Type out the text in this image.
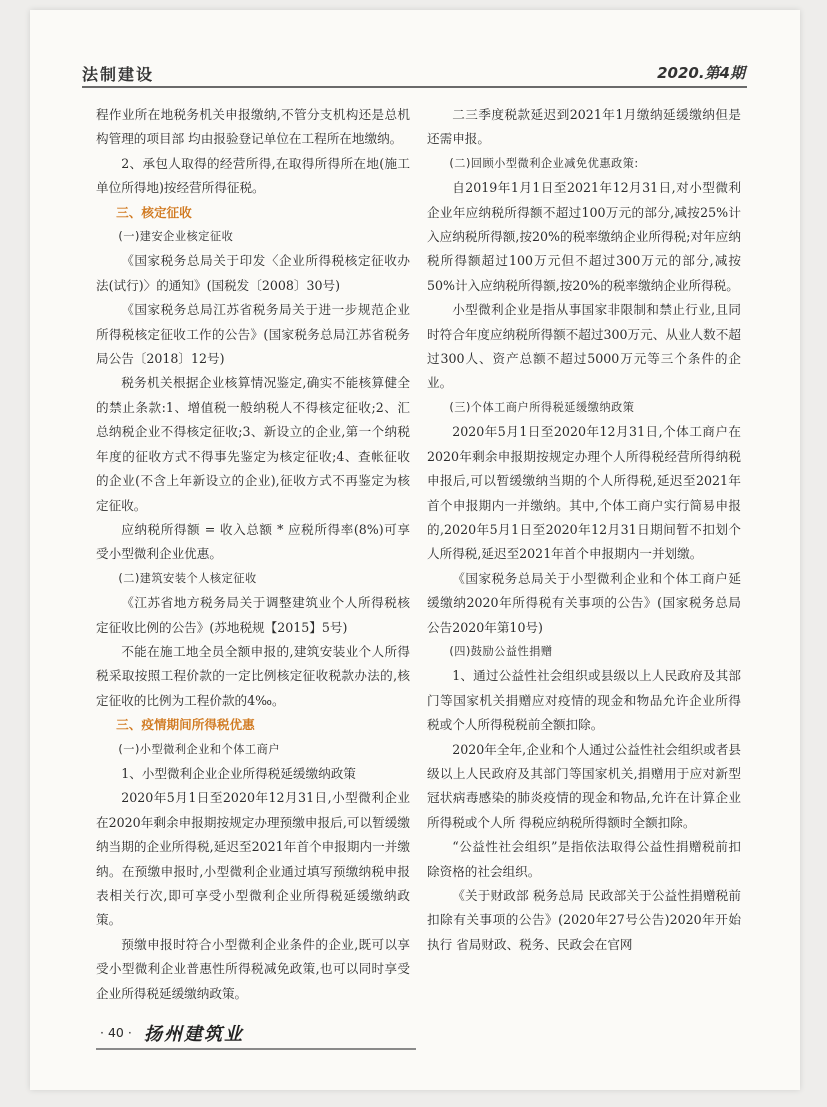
法制建设	2020.第4期

程作业所在地税务机关申报缴纳,不管分支机构还是总机构管理的项目部 均由报验登记单位在工程所在地缴纳。

2、承包人取得的经营所得,在取得所得所在地(施工单位所得地)按经营所得征税。

三、核定征收

(一)建安企业核定征收

《国家税务总局关于印发〈企业所得税核定征收办法(试行)〉的通知》(国税发〔2008〕30号)

《国家税务总局江苏省税务局关于进一步规范企业所得税核定征收工作的公告》(国家税务总局江苏省税务局公告〔2018〕12号)

税务机关根据企业核算情况鉴定,确实不能核算健全的禁止条款:1、增值税一般纳税人不得核定征收;2、汇总纳税企业不得核定征收;3、新设立的企业,第一个纳税年度的征收方式不得事先鉴定为核定征收;4、查帐征收的企业(不含上年新设立的企业),征收方式不再鉴定为核定征收。

应纳税所得额 = 收入总额 * 应税所得率(8%)可享受小型微利企业优惠。

(二)建筑安装个人核定征收

《江苏省地方税务局关于调整建筑业个人所得税核定征收比例的公告》(苏地税规【2015】5号)

不能在施工地全员全额申报的,建筑安装业个人所得税采取按照工程价款的一定比例核定征收税款办法的,核定征收的比例为工程价款的4‰。

三、疫情期间所得税优惠

(一)小型微利企业和个体工商户

1、小型微利企业企业所得税延缓缴纳政策

2020年5月1日至2020年12月31日,小型微利企业在2020年剩余申报期按规定办理预缴申报后,可以暂缓缴纳当期的企业所得税,延迟至2021年首个申报期内一并缴纳。在预缴申报时,小型微利企业通过填写预缴纳税申报表相关行次,即可享受小型微利企业所得税延缓缴纳政策。

预缴申报时符合小型微利企业条件的企业,既可以享受小型微利企业普惠性所得税减免政策,也可以同时享受企业所得税延缓缴纳政策。

二三季度税款延迟到2021年1月缴纳延缓缴纳但是还需申报。

(二)回顾小型微利企业减免优惠政策:

自2019年1月1日至2021年12月31日,对小型微利企业年应纳税所得额不超过100万元的部分,减按25%计入应纳税所得额,按20%的税率缴纳企业所得税;对年应纳税所得额超过100万元但不超过300万元的部分,减按50%计入应纳税所得额,按20%的税率缴纳企业所得税。

小型微利企业是指从事国家非限制和禁止行业,且同时符合年度应纳税所得额不超过300万元、从业人数不超过300人、资产总额不超过5000万元等三个条件的企业。

(三)个体工商户所得税延缓缴纳政策

2020年5月1日至2020年12月31日,个体工商户在2020年剩余申报期按规定办理个人所得税经营所得纳税申报后,可以暂缓缴纳当期的个人所得税,延迟至2021年首个申报期内一并缴纳。其中,个体工商户实行简易申报的,2020年5月1日至2020年12月31日期间暂不扣划个人所得税,延迟至2021年首个申报期内一并划缴。

《国家税务总局关于小型微利企业和个体工商户延缓缴纳2020年所得税有关事项的公告》(国家税务总局公告2020年第10号)

(四)鼓励公益性捐赠

1、通过公益性社会组织或县级以上人民政府及其部门等国家机关捐赠应对疫情的现金和物品允许企业所得税或个人所得税税前全额扣除。

2020年全年,企业和个人通过公益性社会组织或者县级以上人民政府及其部门等国家机关,捐赠用于应对新型冠状病毒感染的肺炎疫情的现金和物品,允许在计算企业所得税或个人所 得税应纳税所得额时全额扣除。

“公益性社会组织”是指依法取得公益性捐赠税前扣除资格的社会组织。

《关于财政部 税务总局 民政部关于公益性捐赠税前扣除有关事项的公告》(2020年27号公告)2020年开始执行 省局财政、税务、民政会在官网

· 40 · 扬州建筑业
